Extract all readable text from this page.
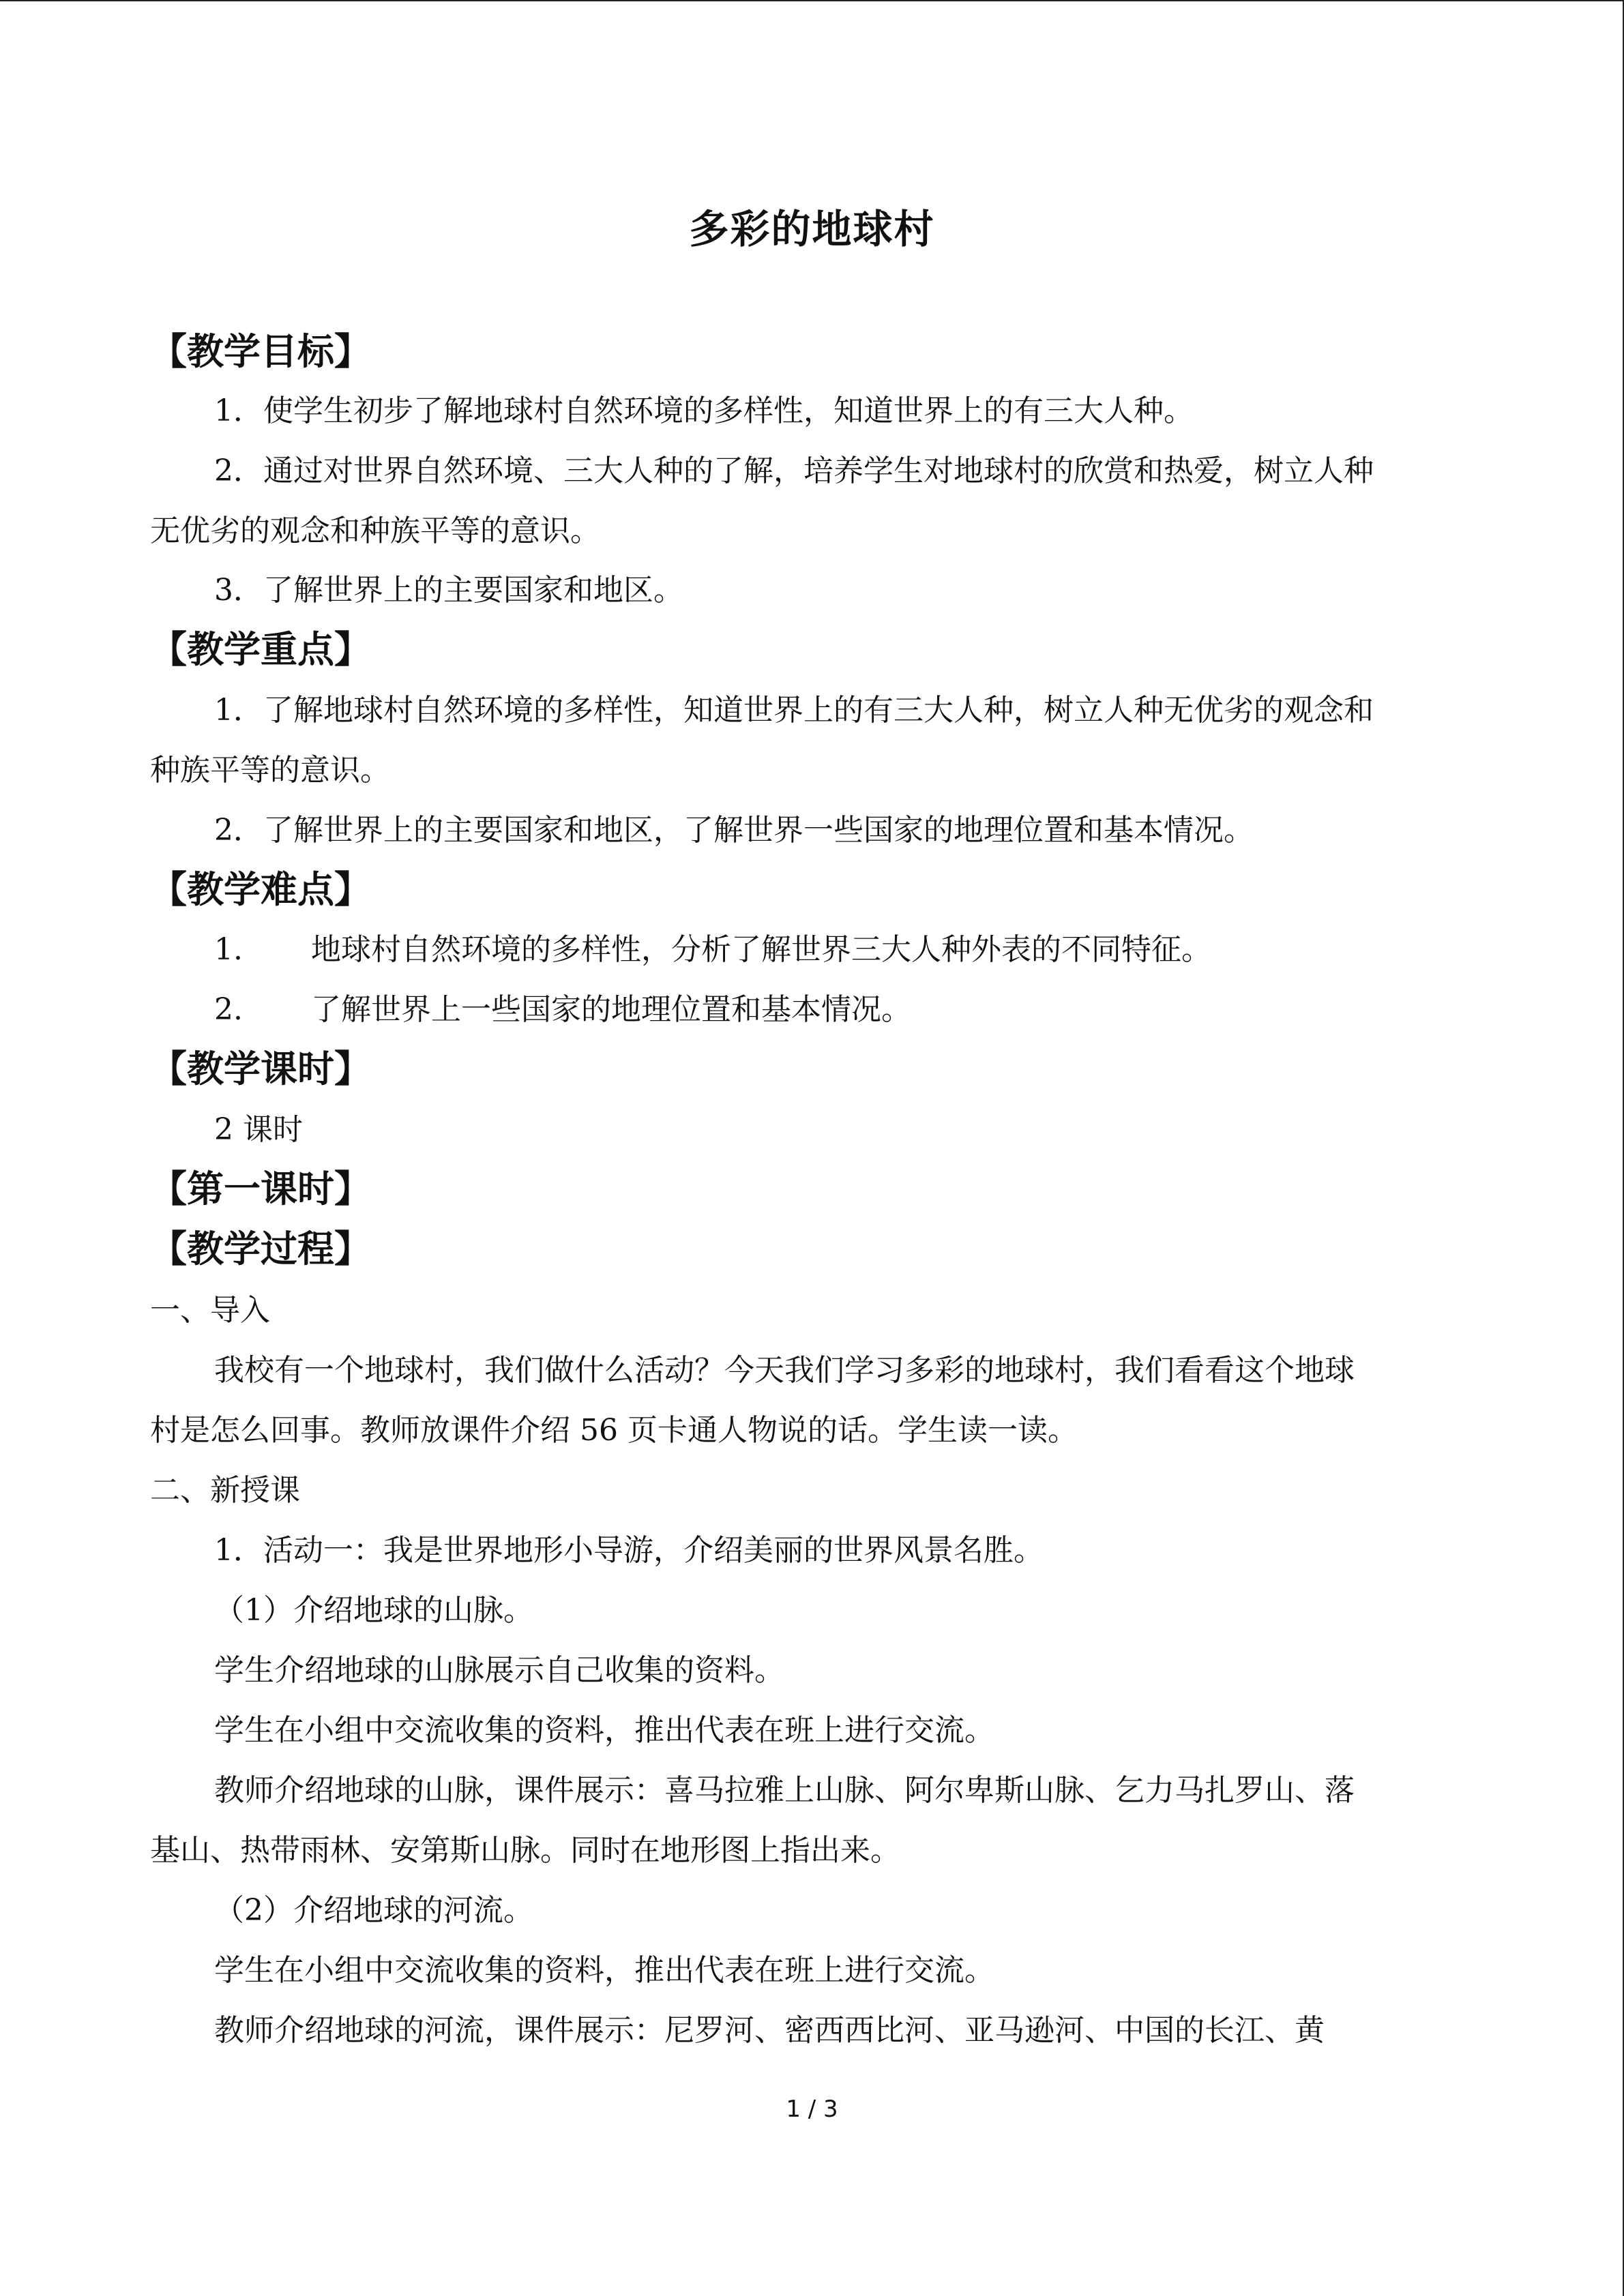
多彩的地球村
【教学目标】
1．使学生初步了解地球村自然环境的多样性，知道世界上的有三大人种。
2．通过对世界自然环境、三大人种的了解，培养学生对地球村的欣赏和热爱，树立人种
无优劣的观念和种族平等的意识。
3．了解世界上的主要国家和地区。
【教学重点】
1．了解地球村自然环境的多样性，知道世界上的有三大人种，树立人种无优劣的观念和
种族平等的意识。
2．了解世界上的主要国家和地区，了解世界一些国家的地理位置和基本情况。
【教学难点】
1. 地球村自然环境的多样性，分析了解世界三大人种外表的不同特征。
2. 了解世界上一些国家的地理位置和基本情况。
【教学课时】
2 课时
【第一课时】
【教学过程】
一、导入
我校有一个地球村，我们做什么活动？今天我们学习多彩的地球村，我们看看这个地球
村是怎么回事。教师放课件介绍 56 页卡通人物说的话。学生读一读。
二、新授课
1．活动一：我是世界地形小导游，介绍美丽的世界风景名胜。
（1）介绍地球的山脉。
学生介绍地球的山脉展示自己收集的资料。
学生在小组中交流收集的资料，推出代表在班上进行交流。
教师介绍地球的山脉，课件展示：喜马拉雅上山脉、阿尔卑斯山脉、乞力马扎罗山、落
基山、热带雨林、安第斯山脉。同时在地形图上指出来。
（2）介绍地球的河流。
学生在小组中交流收集的资料，推出代表在班上进行交流。
教师介绍地球的河流，课件展示：尼罗河、密西西比河、亚马逊河、中国的长江、黄
1 / 3
